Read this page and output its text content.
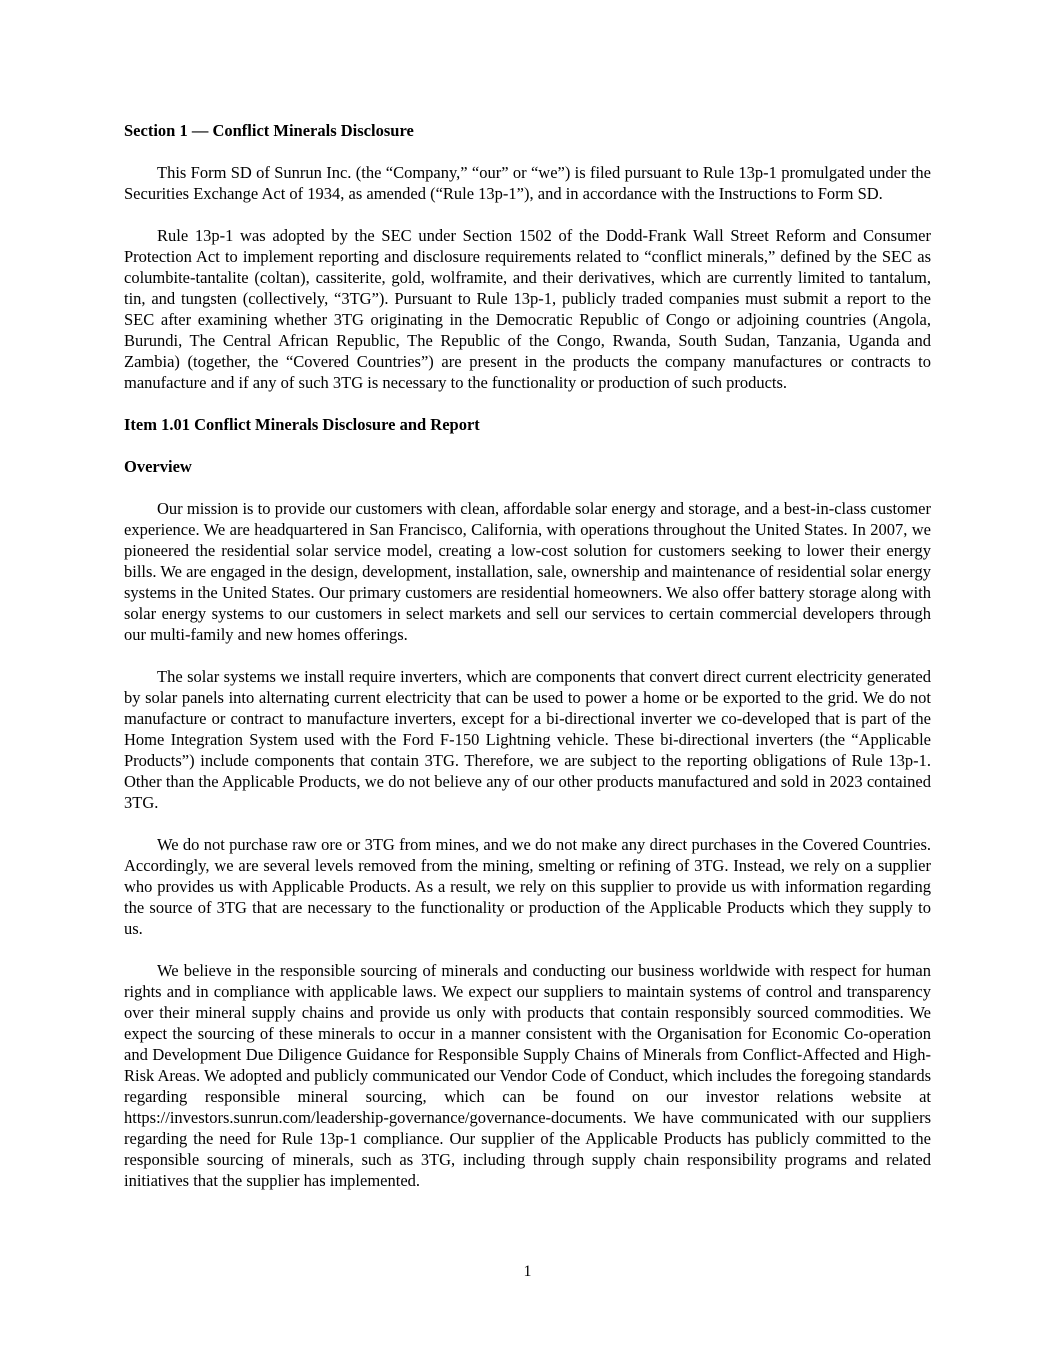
Section 1 — Conflict Minerals Disclosure

This Form SD of Sunrun Inc. (the “Company,” “our” or “we”) is filed pursuant to Rule 13p-1 promulgated under the Securities Exchange Act of 1934, as amended (“Rule 13p-1”), and in accordance with the Instructions to Form SD.

Rule 13p-1 was adopted by the SEC under Section 1502 of the Dodd-Frank Wall Street Reform and Consumer Protection Act to implement reporting and disclosure requirements related to “conflict minerals,” defined by the SEC as columbite-tantalite (coltan), cassiterite, gold, wolframite, and their derivatives, which are currently limited to tantalum, tin, and tungsten (collectively, “3TG”). Pursuant to Rule 13p-1, publicly traded companies must submit a report to the SEC after examining whether 3TG originating in the Democratic Republic of Congo or adjoining countries (Angola, Burundi, The Central African Republic, The Republic of the Congo, Rwanda, South Sudan, Tanzania, Uganda and Zambia) (together, the “Covered Countries”) are present in the products the company manufactures or contracts to manufacture and if any of such 3TG is necessary to the functionality or production of such products.

Item 1.01 Conflict Minerals Disclosure and Report
Overview

Our mission is to provide our customers with clean, affordable solar energy and storage, and a best-in-class customer experience. We are headquartered in San Francisco, California, with operations throughout the United States. In 2007, we pioneered the residential solar service model, creating a low-cost solution for customers seeking to lower their energy bills. We are engaged in the design, development, installation, sale, ownership and maintenance of residential solar energy systems in the United States. Our primary customers are residential homeowners. We also offer battery storage along with solar energy systems to our customers in select markets and sell our services to certain commercial developers through our multi-family and new homes offerings.

The solar systems we install require inverters, which are components that convert direct current electricity generated by solar panels into alternating current electricity that can be used to power a home or be exported to the grid. We do not manufacture or contract to manufacture inverters, except for a bi-directional inverter we co-developed that is part of the Home Integration System used with the Ford F-150 Lightning vehicle. These bi-directional inverters (the “Applicable Products”) include components that contain 3TG. Therefore, we are subject to the reporting obligations of Rule 13p-1. Other than the Applicable Products, we do not believe any of our other products manufactured and sold in 2023 contained 3TG.

We do not purchase raw ore or 3TG from mines, and we do not make any direct purchases in the Covered Countries. Accordingly, we are several levels removed from the mining, smelting or refining of 3TG. Instead, we rely on a supplier who provides us with Applicable Products. As a result, we rely on this supplier to provide us with information regarding the source of 3TG that are necessary to the functionality or production of the Applicable Products which they supply to us.

We believe in the responsible sourcing of minerals and conducting our business worldwide with respect for human rights and in compliance with applicable laws. We expect our suppliers to maintain systems of control and transparency over their mineral supply chains and provide us only with products that contain responsibly sourced commodities. We expect the sourcing of these minerals to occur in a manner consistent with the Organisation for Economic Co-operation and Development Due Diligence Guidance for Responsible Supply Chains of Minerals from Conflict-Affected and High-Risk Areas. We adopted and publicly communicated our Vendor Code of Conduct, which includes the foregoing standards regarding responsible mineral sourcing, which can be found on our investor relations website at https://investors.sunrun.com/leadership-governance/governance-documents. We have communicated with our suppliers regarding the need for Rule 13p-1 compliance. Our supplier of the Applicable Products has publicly committed to the responsible sourcing of minerals, such as 3TG, including through supply chain responsibility programs and related initiatives that the supplier has implemented.

1
